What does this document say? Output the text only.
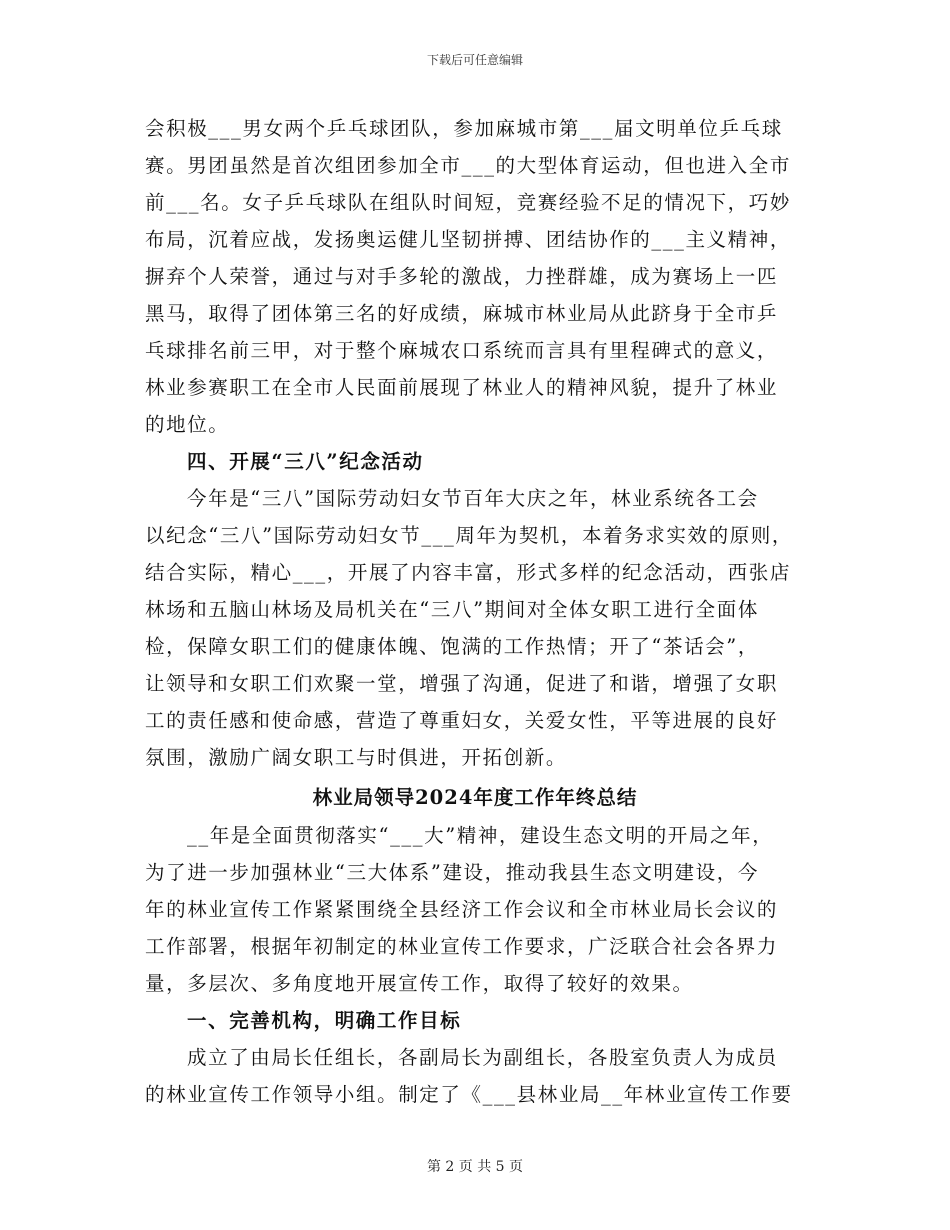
下载后可任意编辑
会积极___男女两个乒乓球团队，参加麻城市第___届文明单位乒乓球
赛。男团虽然是首次组团参加全市___的大型体育运动，但也进入全市
前___名。女子乒乓球队在组队时间短，竞赛经验不足的情况下，巧妙
布局，沉着应战，发扬奥运健儿坚韧拼搏、团结协作的___主义精神，
摒弃个人荣誉，通过与对手多轮的激战，力挫群雄，成为赛场上一匹
黑马，取得了团体第三名的好成绩，麻城市林业局从此跻身于全市乒
乓球排名前三甲，对于整个麻城农口系统而言具有里程碑式的意义，
林业参赛职工在全市人民面前展现了林业人的精神风貌，提升了林业
的地位。
四、开展“三八”纪念活动
今年是“三八”国际劳动妇女节百年大庆之年，林业系统各工会
以纪念“三八”国际劳动妇女节___周年为契机，本着务求实效的原则，
结合实际，精心___，开展了内容丰富，形式多样的纪念活动，西张店
林场和五脑山林场及局机关在“三八”期间对全体女职工进行全面体
检，保障女职工们的健康体魄、饱满的工作热情；开了“茶话会”，
让领导和女职工们欢聚一堂，增强了沟通，促进了和谐，增强了女职
工的责任感和使命感，营造了尊重妇女，关爱女性，平等进展的良好
氛围，激励广阔女职工与时俱进，开拓创新。
林业局领导2024年度工作年终总结
__年是全面贯彻落实“___大”精神，建设生态文明的开局之年，
为了进一步加强林业“三大体系”建设，推动我县生态文明建设，今
年的林业宣传工作紧紧围绕全县经济工作会议和全市林业局长会议的
工作部署，根据年初制定的林业宣传工作要求，广泛联合社会各界力
量，多层次、多角度地开展宣传工作，取得了较好的效果。
一、完善机构，明确工作目标
成立了由局长任组长，各副局长为副组长，各股室负责人为成员
的林业宣传工作领导小组。制定了《___县林业局__年林业宣传工作要
第 2 页 共 5 页
